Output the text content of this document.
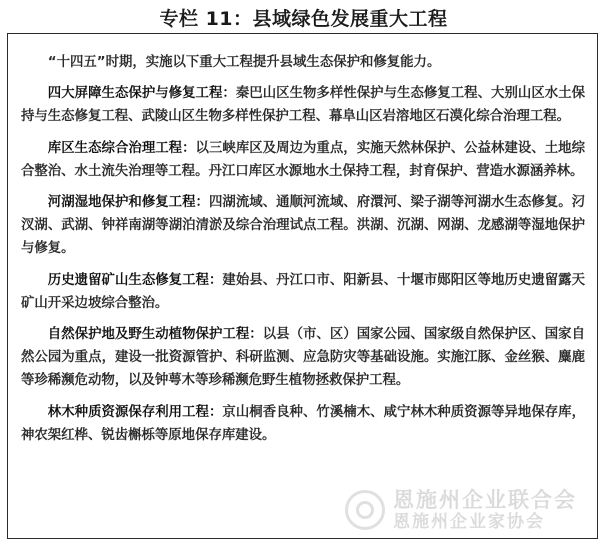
专栏 11：县域绿色发展重大工程

“十四五”时期，实施以下重大工程提升县域生态保护和修复能力。

四大屏障生态保护与修复工程：秦巴山区生物多样性保护与生态修复工程、大别山区水土保持与生态修复工程、武陵山区生物多样性保护工程、幕阜山区岩溶地区石漠化综合治理工程。

库区生态综合治理工程：以三峡库区及周边为重点，实施天然林保护、公益林建设、土地综合整治、水土流失治理等工程。丹江口库区水源地水土保持工程，封育保护、营造水源涵养林。

河湖湿地保护和修复工程：四湖流域、通顺河流域、府澴河、梁子湖等河湖水生态修复。汈汊湖、武湖、钟祥南湖等湖泊清淤及综合治理试点工程。洪湖、沉湖、网湖、龙感湖等湿地保护与修复。

历史遗留矿山生态修复工程：建始县、丹江口市、阳新县、十堰市郧阳区等地历史遗留露天矿山开采边坡综合整治。

自然保护地及野生动植物保护工程：以县（市、区）国家公园、国家级自然保护区、国家自然公园为重点，建设一批资源管护、科研监测、应急防灾等基础设施。实施江豚、金丝猴、麋鹿等珍稀濒危动物，以及钟萼木等珍稀濒危野生植物拯救保护工程。

林木种质资源保存利用工程：京山桐香良种、竹溪楠木、咸宁林木种质资源等异地保存库，神农架红桦、锐齿槲栎等原地保存库建设。

恩施州企业联合会
恩施州企业家协会
